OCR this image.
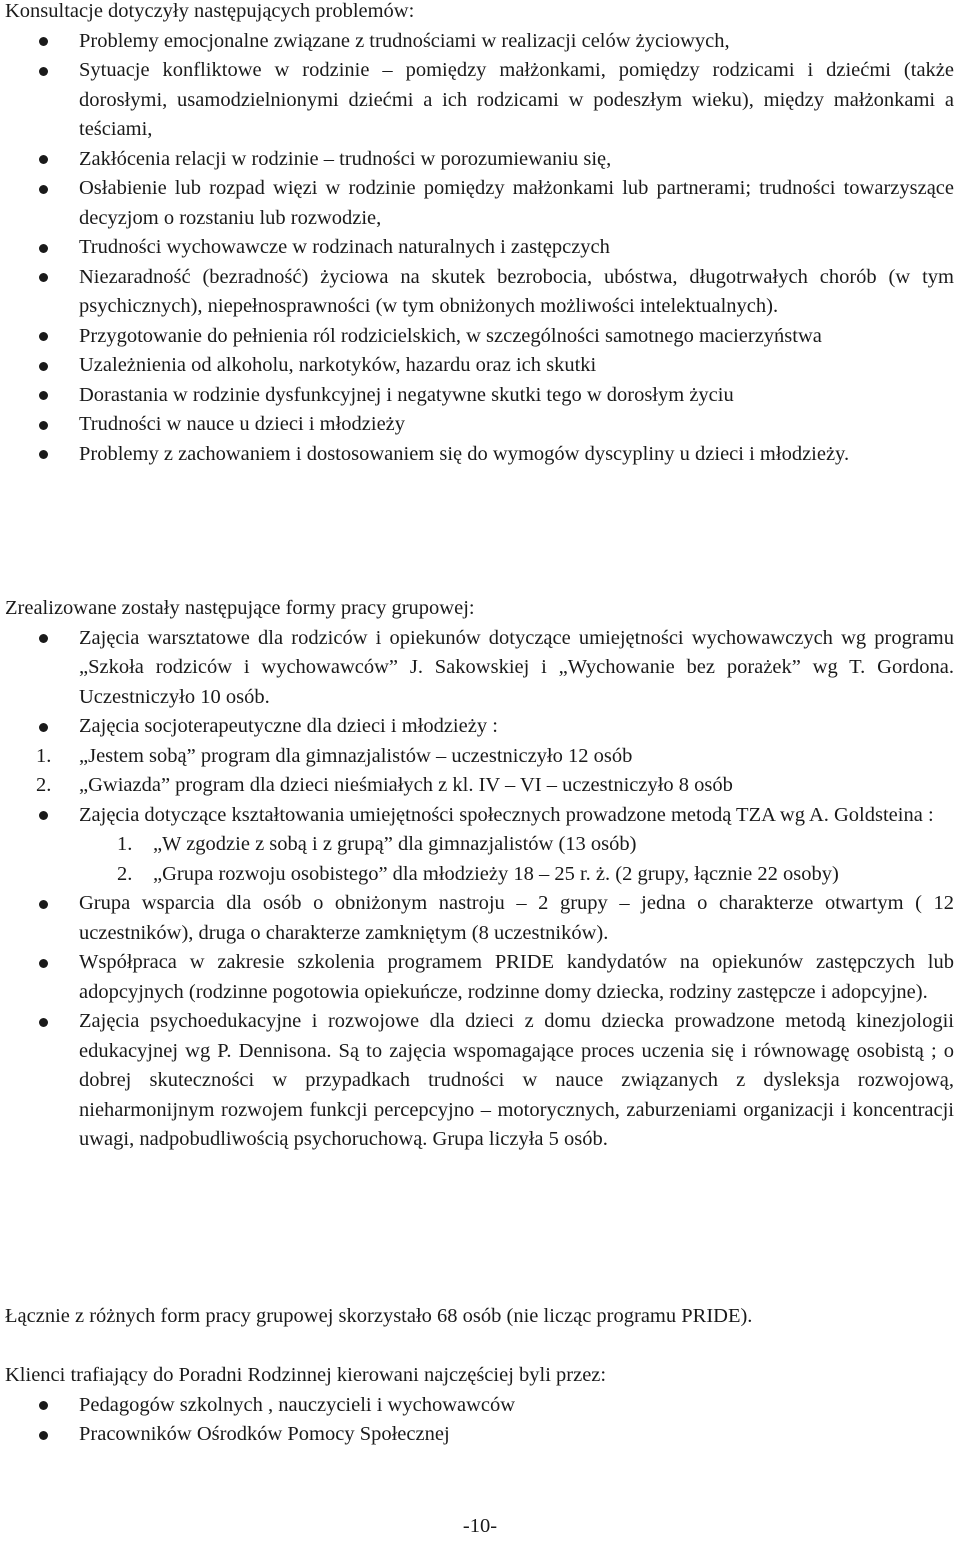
Konsultacje dotyczyły następujących problemów:

Problemy emocjonalne związane z trudnościami w realizacji celów życiowych,
Sytuacje konfliktowe w rodzinie – pomiędzy małżonkami, pomiędzy rodzicami i dziećmi (także dorosłymi, usamodzielnionymi dziećmi a ich rodzicami w podeszłym wieku), między małżonkami a teściami,
Zakłócenia relacji w rodzinie – trudności w porozumiewaniu się,
Osłabienie lub rozpad więzi w rodzinie pomiędzy małżonkami lub partnerami; trudności towarzyszące decyzjom o rozstaniu lub rozwodzie,
Trudności wychowawcze w rodzinach naturalnych i zastępczych
Niezaradność (bezradność) życiowa na skutek bezrobocia, ubóstwa, długotrwałych chorób (w tym psychicznych), niepełnosprawności (w tym obniżonych możliwości intelektualnych).
Przygotowanie do pełnienia ról rodzicielskich, w szczególności samotnego macierzyństwa
Uzależnienia od alkoholu, narkotyków, hazardu oraz ich skutki
Dorastania w rodzinie dysfunkcyjnej i negatywne skutki tego w dorosłym życiu
Trudności w nauce u dzieci i młodzieży
Problemy z zachowaniem i dostosowaniem się do wymogów dyscypliny u dzieci i młodzieży.

Zrealizowane zostały następujące formy pracy grupowej:

Zajęcia warsztatowe dla rodziców i opiekunów dotyczące umiejętności wychowawczych wg programu „Szkoła rodziców i wychowawców” J. Sakowskiej i „Wychowanie bez porażek” wg T. Gordona. Uczestniczyło 10 osób.
Zajęcia socjoterapeutyczne dla dzieci i młodzieży :
1. „Jestem sobą” program dla gimnazjalistów – uczestniczyło 12 osób
2. „Gwiazda” program dla dzieci nieśmiałych z kl. IV – VI – uczestniczyło 8 osób
Zajęcia dotyczące kształtowania umiejętności społecznych prowadzone metodą TZA wg A. Goldsteina :
1. „W zgodzie z sobą i z grupą” dla gimnazjalistów (13 osób)
2. „Grupa rozwoju osobistego” dla młodzieży 18 – 25 r. ż. (2 grupy, łącznie 22 osoby)
Grupa wsparcia dla osób o obniżonym nastroju – 2 grupy – jedna o charakterze otwartym ( 12 uczestników), druga o charakterze zamkniętym (8 uczestników).
Współpraca w zakresie szkolenia programem PRIDE kandydatów na opiekunów zastępczych lub adopcyjnych (rodzinne pogotowia opiekuńcze, rodzinne domy dziecka, rodziny zastępcze i adopcyjne).
Zajęcia psychoedukacyjne i rozwojowe dla dzieci z domu dziecka prowadzone metodą kinezjologii edukacyjnej wg P. Dennisona. Są to zajęcia wspomagające proces uczenia się i równowagę osobistą ; o dobrej skuteczności w przypadkach trudności w nauce związanych z dysleksja rozwojową, nieharmonijnym rozwojem funkcji percepcyjno – motorycznych, zaburzeniami organizacji i koncentracji uwagi, nadpobudliwością psychoruchową. Grupa liczyła 5 osób.

Łącznie z różnych form pracy grupowej skorzystało 68 osób (nie licząc programu PRIDE).

Klienci trafiający do Poradni Rodzinnej kierowani najczęściej byli przez:

Pedagogów szkolnych , nauczycieli i wychowawców
Pracowników Ośrodków Pomocy Społecznej
-10-
